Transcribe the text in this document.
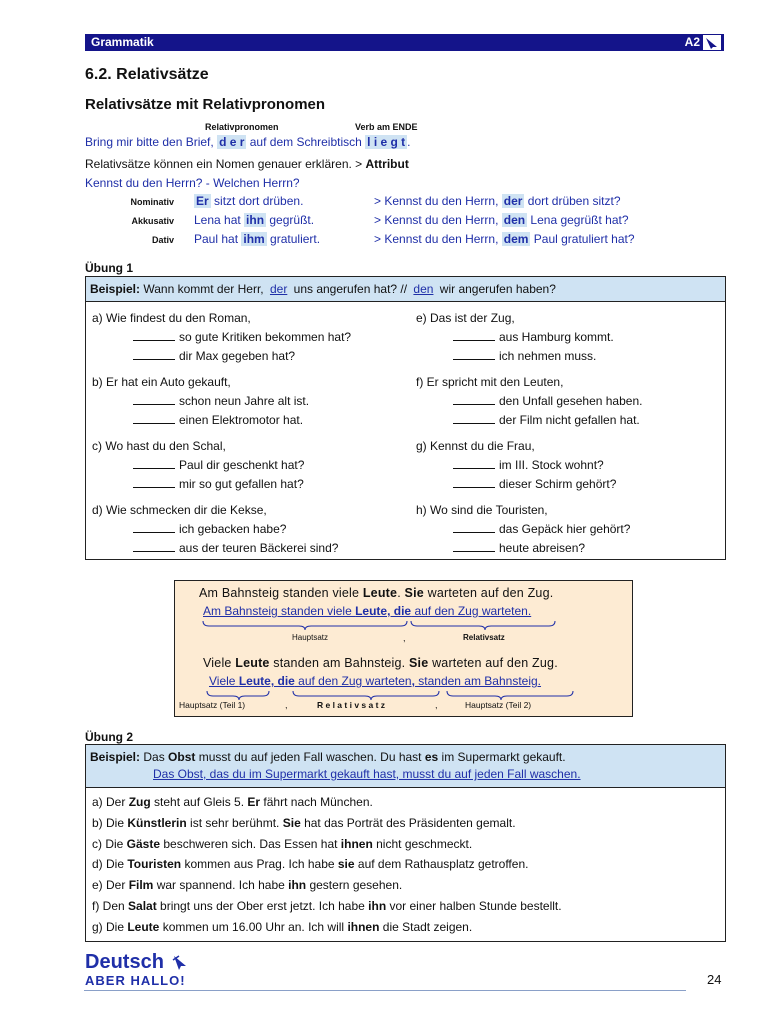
Grammatik	A2
6.2. Relativsätze
Relativsätze mit Relativpronomen
Relativpronomen	Verb am ENDE
Bring mir bitte den Brief, d e r auf dem Schreibtisch l i e g t .
Relativsätze können ein Nomen genauer erklären. > Attribut
Kennst du den Herrn? - Welchen Herrn?
Nominativ Er sitzt dort drüben.	> Kennst du den Herrn, der dort drüben sitzt?
Akkusativ Lena hat ihn gegrüßt.	> Kennst du den Herrn, den Lena gegrüßt hat?
Dativ Paul hat ihm gratuliert.	> Kennst du den Herrn, dem Paul gratuliert hat?
Übung 1
Beispiel: Wann kommt der Herr, der uns angerufen hat? // den wir angerufen haben?
a) Wie findest du den Roman,
so gute Kritiken bekommen hat?
dir Max gegeben hat?
b) Er hat ein Auto gekauft,
schon neun Jahre alt ist.
einen Elektromotor hat.
c) Wo hast du den Schal,
Paul dir geschenkt hat?
mir so gut gefallen hat?
d) Wie schmecken dir die Kekse,
ich gebacken habe?
aus der teuren Bäckerei sind?
e) Das ist der Zug,
aus Hamburg kommt.
ich nehmen muss.
f) Er spricht mit den Leuten,
den Unfall gesehen haben.
der Film nicht gefallen hat.
g) Kennst du die Frau,
im III. Stock wohnt?
dieser Schirm gehört?
h) Wo sind die Touristen,
das Gepäck hier gehört?
heute abreisen?
Am Bahnsteig standen viele Leute. Sie warteten auf den Zug.
Am Bahnsteig standen viele Leute, die auf den Zug warteten.
Hauptsatz	,	Relativsatz
Viele Leute standen am Bahnsteig. Sie warteten auf den Zug.
Viele Leute, die auf den Zug warteten, standen am Bahnsteig.
Hauptsatz (Teil 1)	,	R e l a t i v s a t z	,	Hauptsatz (Teil 2)
Übung 2
Beispiel: Das Obst musst du auf jeden Fall waschen. Du hast es im Supermarkt gekauft.
Das Obst, das du im Supermarkt gekauft hast, musst du auf jeden Fall waschen.
a) Der Zug steht auf Gleis 5. Er fährt nach München.
b) Die Künstlerin ist sehr berühmt. Sie hat das Porträt des Präsidenten gemalt.
c) Die Gäste beschweren sich. Das Essen hat ihnen nicht geschmeckt.
d) Die Touristen kommen aus Prag. Ich habe sie auf dem Rathausplatz getroffen.
e) Der Film war spannend. Ich habe ihn gestern gesehen.
f) Den Salat bringt uns der Ober erst jetzt. Ich habe ihn vor einer halben Stunde bestellt.
g) Die Leute kommen um 16.00 Uhr an. Ich will ihnen die Stadt zeigen.
Deutsch
ABER HALLO!	24
